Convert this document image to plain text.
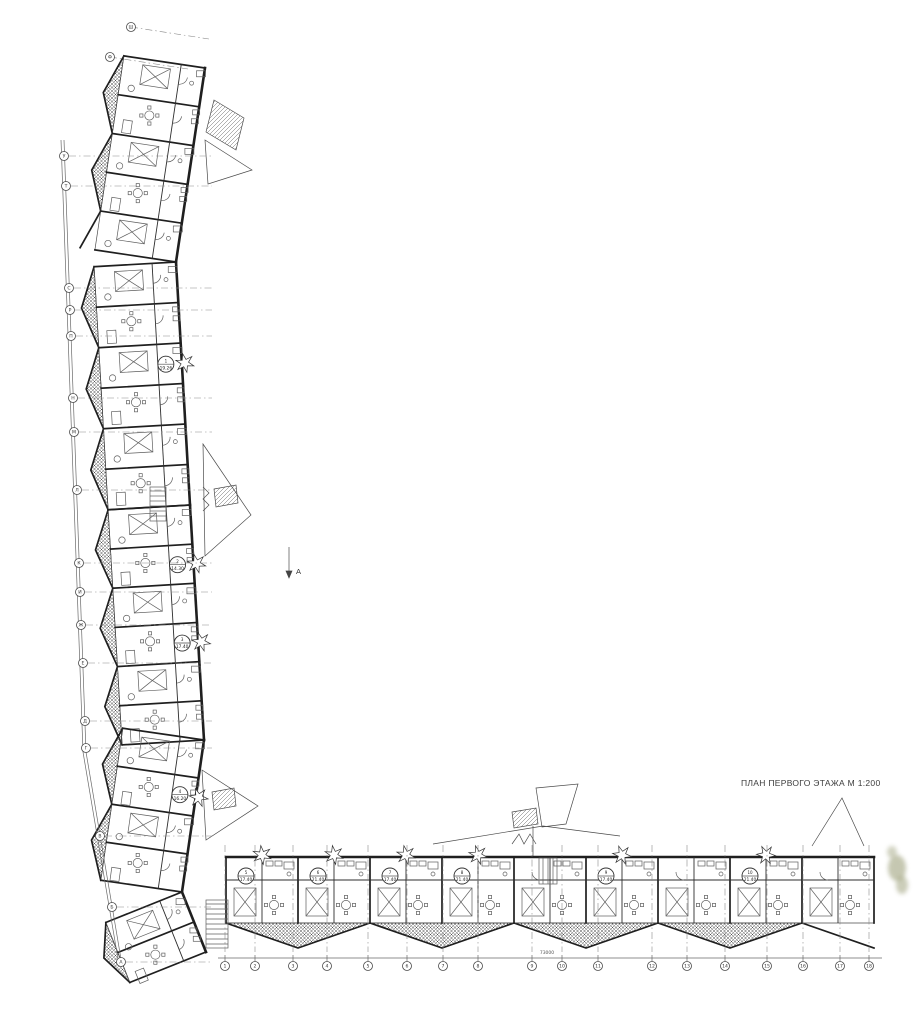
1
19.26
2
14.30
3
17.40
4
16.20
5
17.40
6
21.40
7
17.40
8
21.40
9
17.40
10
21.40
А
Ш
Ф
У
Т
С
Р
П
Н
М
Л
К
И
Ж
Е
Д
Г
В
Б
А
1	2	3	4	5	6	7	8	9	10	11	12	13	14	15	16	17	18
73000
ПЛАН ПЕРВОГО ЭТАЖА М 1:200
